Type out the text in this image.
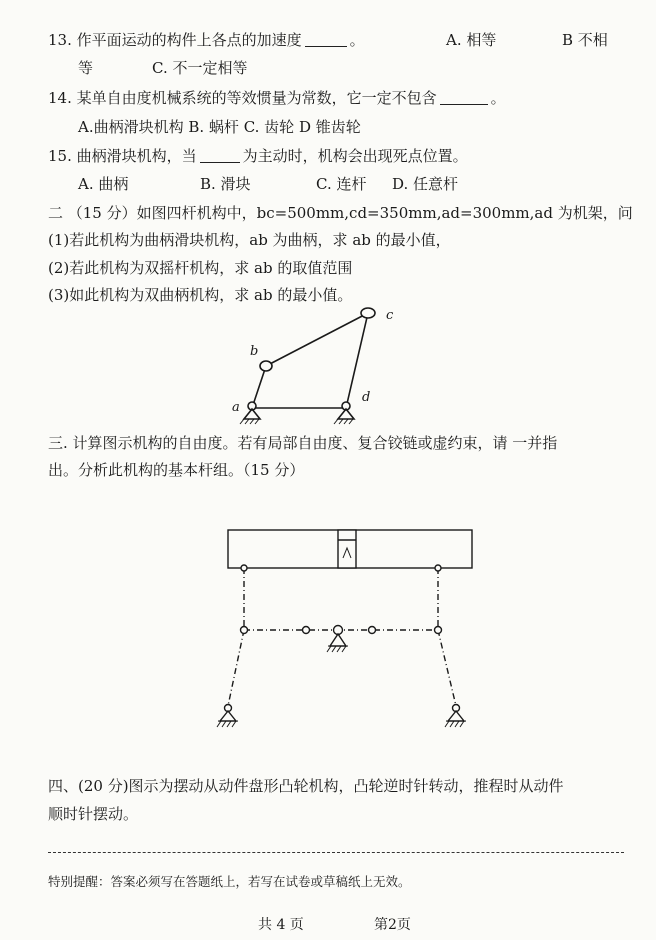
13. 作平面运动的构件上各点的加速度	。	A. 相等	B 不相
等	C. 不一定相等
14. 某单自由度机械系统的等效惯量为常数，它一定不包含	。
A.曲柄滑块机构 B. 蜗杆 C. 齿轮 D 锥齿轮
15. 曲柄滑块机构，当	为主动时，机构会出现死点位置。
A. 曲柄	B. 滑块	C. 连杆 D. 任意杆
二 （15 分）如图四杆机构中，bc=500mm,cd=350mm,ad=300mm,ad 为机架，问
(1)若此机构为曲柄滑块机构，ab 为曲柄，求 ab 的最小值，
(2)若此机构为双摇杆机构，求 ab 的取值范围
(3)如此机构为双曲柄机构，求 ab 的最小值。
a
b
c
d
三. 计算图示机构的自由度。若有局部自由度、复合铰链或虚约束，请 一并指
出。分析此机构的基本杆组。（15 分）
四、(20 分)图示为摆动从动件盘形凸轮机构，凸轮逆时针转动，推程时从动件
顺时针摆动。
特别提醒：答案必须写在答题纸上，若写在试卷或草稿纸上无效。
共 4 页	第2页
